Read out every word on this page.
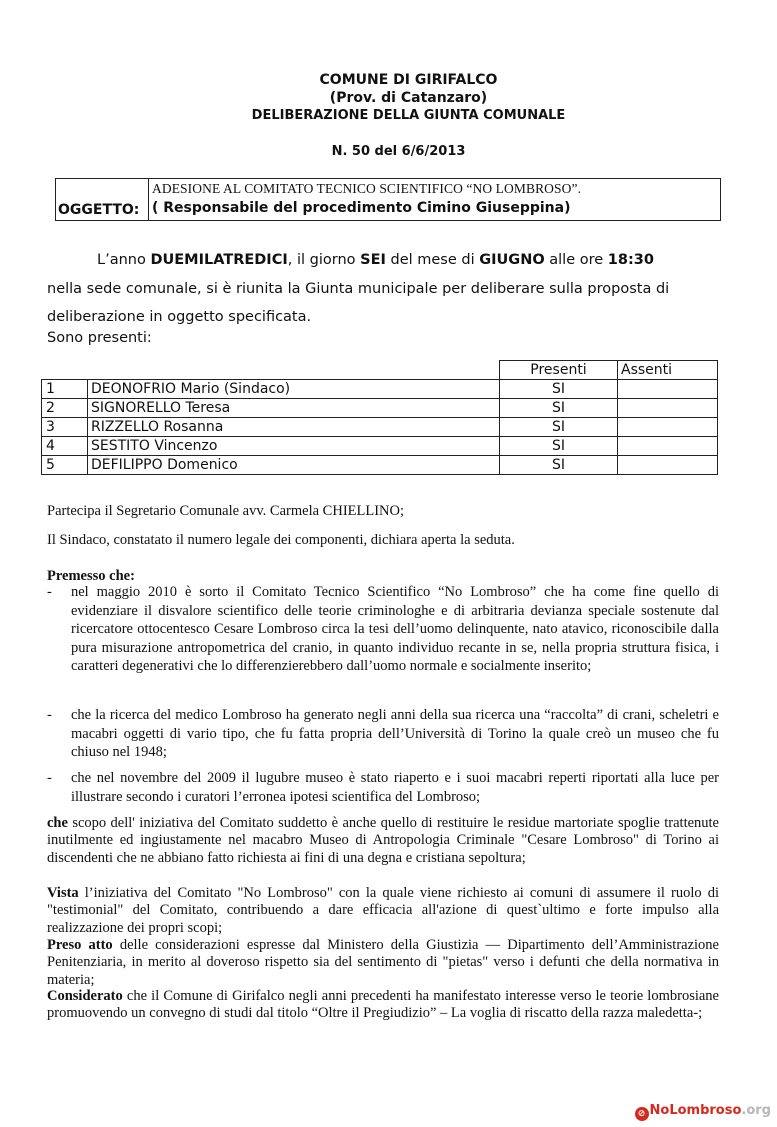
COMUNE DI GIRIFALCO
(Prov. di Catanzaro)
DELIBERAZIONE DELLA GIUNTA COMUNALE
N. 50 del 6/6/2013
OGGETTO:
ADESIONE AL COMITATO TECNICO SCIENTIFICO “NO LOMBROSO”.
( Responsabile del procedimento Cimino Giuseppina)
L’anno DUEMILATREDICI, il giorno SEI del mese di GIUGNO alle ore 18:30
nella sede comunale, si è riunita la Giunta municipale per deliberare sulla proposta di deliberazione in oggetto specificata.
Sono presenti:
		Presenti	Assenti
1	DEONOFRIO Mario (Sindaco)	SI	
2	SIGNORELLO Teresa	SI	
3	RIZZELLO Rosanna	SI	
4	SESTITO Vincenzo	SI	
5	DEFILIPPO Domenico	SI	
Partecipa il Segretario Comunale avv. Carmela CHIELLINO;
Il Sindaco, constatato il numero legale dei componenti, dichiara aperta la seduta.
Premesso che:
- nel maggio 2010 è sorto il Comitato Tecnico Scientifico “No Lombroso” che ha come fine quello di evidenziare il disvalore scientifico delle teorie criminologhe e di arbitraria devianza speciale sostenute dal ricercatore ottocentesco Cesare Lombroso circa la tesi dell’uomo delinquente, nato atavico, riconoscibile dalla pura misurazione antropometrica del cranio, in quanto individuo recante in se, nella propria struttura fisica, i caratteri degenerativi che lo differenzierebbero dall’uomo normale e socialmente inserito;
- che la ricerca del medico Lombroso ha generato negli anni della sua ricerca una “raccolta” di crani, scheletri e macabri oggetti di vario tipo, che fu fatta propria dell’Università di Torino la quale creò un museo che fu chiuso nel 1948;
- che nel novembre del 2009 il lugubre museo è stato riaperto e i suoi macabri reperti riportati alla luce per illustrare secondo i curatori l’erronea ipotesi scientifica del Lombroso;
che scopo dell' iniziativa del Comitato suddetto è anche quello di restituire le residue martoriate spoglie trattenute inutilmente ed ingiustamente nel macabro Museo di Antropologia Criminale "Cesare Lombroso" di Torino ai discendenti che ne abbiano fatto richiesta ai fini di una degna e cristiana sepoltura;
Vista l’iniziativa del Comitato "No Lombroso" con la quale viene richiesto ai comuni di assumere il ruolo di "testimonial" del Comitato, contribuendo a dare efficacia all'azione di quest`ultimo e forte impulso alla realizzazione dei propri scopi;
Preso atto delle considerazioni espresse dal Ministero della Giustizia — Dipartimento dell’Amministrazione Penitenziaria, in merito al doveroso rispetto sia del sentimento di "pietas" verso i defunti che della normativa in materia;
Considerato che il Comune di Girifalco negli anni precedenti ha manifestato interesse verso le teorie lombrosiane promuovendo un convegno di studi dal titolo “Oltre il Pregiudizio” – La voglia di riscatto della razza maledetta-;
⊘ NoLombroso.org
